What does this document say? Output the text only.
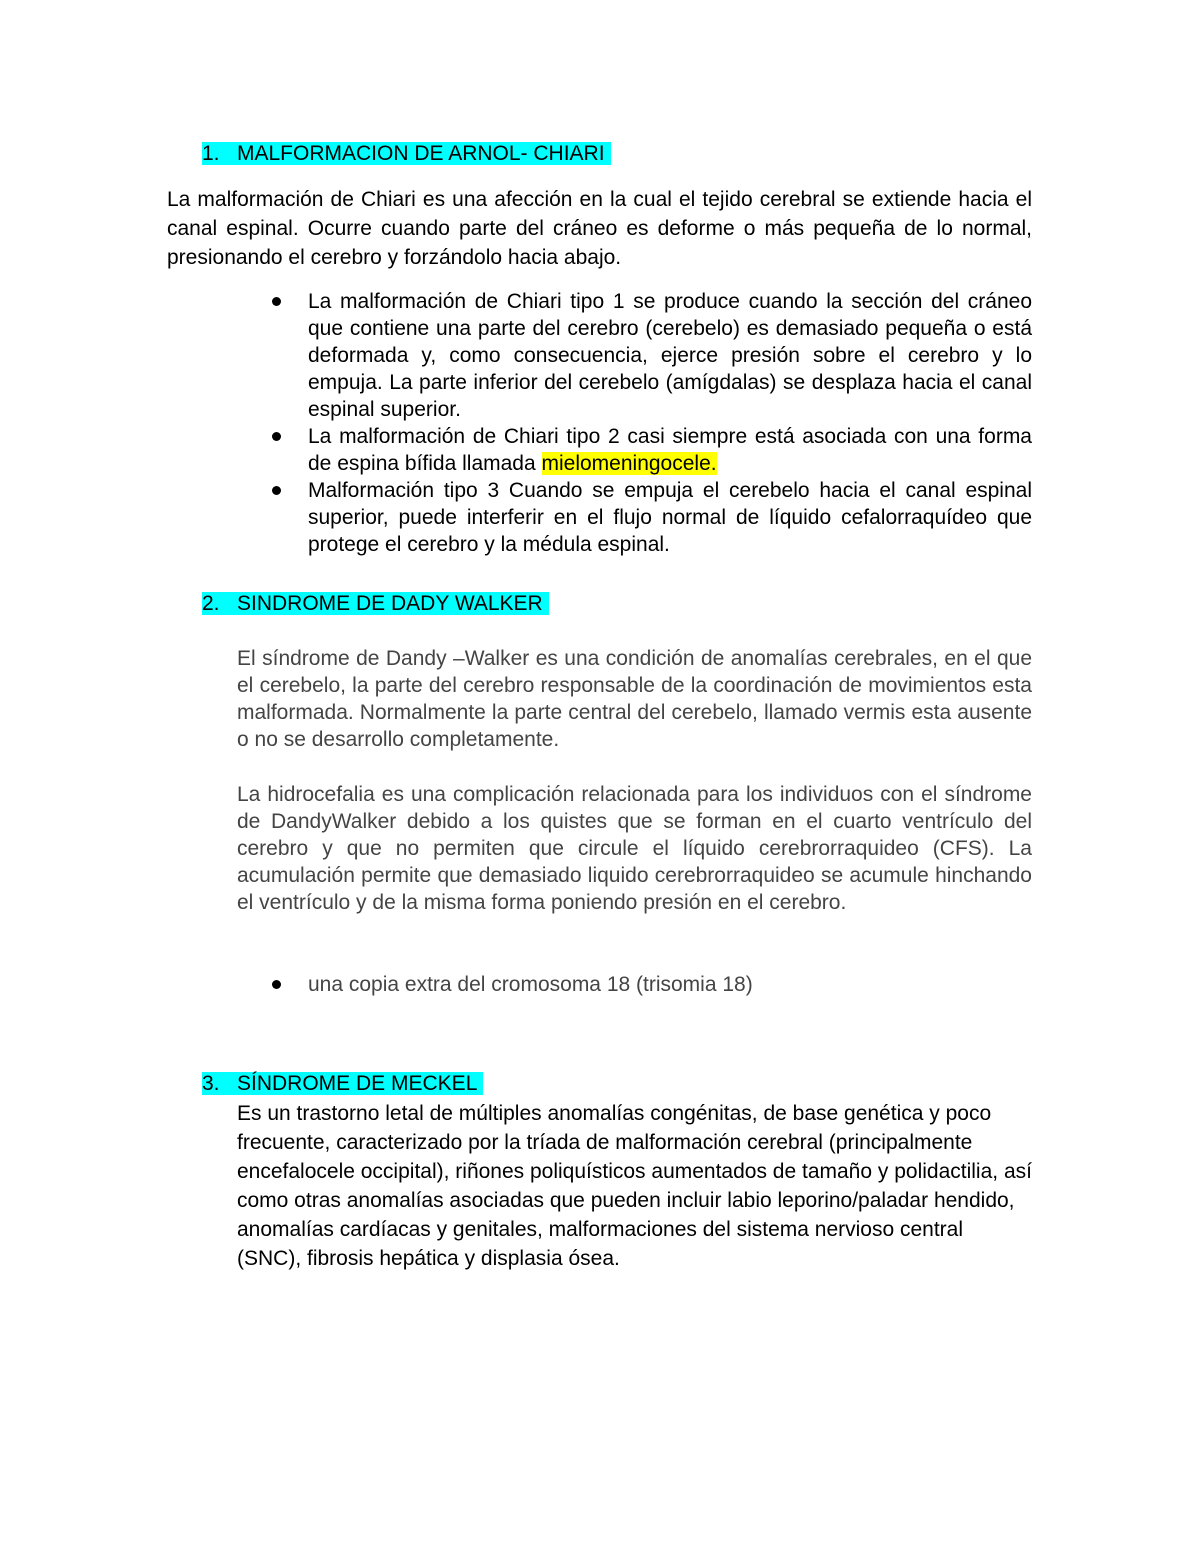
1. MALFORMACION DE ARNOL- CHIARI
La malformación de Chiari es una afección en la cual el tejido cerebral se extiende hacia el canal espinal. Ocurre cuando parte del cráneo es deforme o más pequeña de lo normal, presionando el cerebro y forzándolo hacia abajo.
La malformación de Chiari tipo 1 se produce cuando la sección del cráneo que contiene una parte del cerebro (cerebelo) es demasiado pequeña o está deformada y, como consecuencia, ejerce presión sobre el cerebro y lo empuja. La parte inferior del cerebelo (amígdalas) se desplaza hacia el canal espinal superior.
La malformación de Chiari tipo 2 casi siempre está asociada con una forma de espina bífida llamada mielomeningocele.
Malformación tipo 3 Cuando se empuja el cerebelo hacia el canal espinal superior, puede interferir en el flujo normal de líquido cefalorraquídeo que protege el cerebro y la médula espinal.
2. SINDROME DE DADY WALKER
El síndrome de Dandy –Walker es una condición de anomalías cerebrales, en el que el cerebelo, la parte del cerebro responsable de la coordinación de movimientos esta malformada. Normalmente la parte central del cerebelo, llamado vermis esta ausente o no se desarrollo completamente.
La hidrocefalia es una complicación relacionada para los individuos con el síndrome de DandyWalker debido a los quistes que se forman en el cuarto ventrículo del cerebro y que no permiten que circule el líquido cerebrorraquideo (CFS). La acumulación permite que demasiado liquido cerebrorraquideo se acumule hinchando el ventrículo y de la misma forma poniendo presión en el cerebro.
una copia extra del cromosoma 18 (trisomia 18)
3. SÍNDROME DE MECKEL
Es un trastorno letal de múltiples anomalías congénitas, de base genética y poco frecuente, caracterizado por la tríada de malformación cerebral (principalmente encefalocele occipital), riñones poliquísticos aumentados de tamaño y polidactilia, así como otras anomalías asociadas que pueden incluir labio leporino/paladar hendido, anomalías cardíacas y genitales, malformaciones del sistema nervioso central (SNC), fibrosis hepática y displasia ósea.
